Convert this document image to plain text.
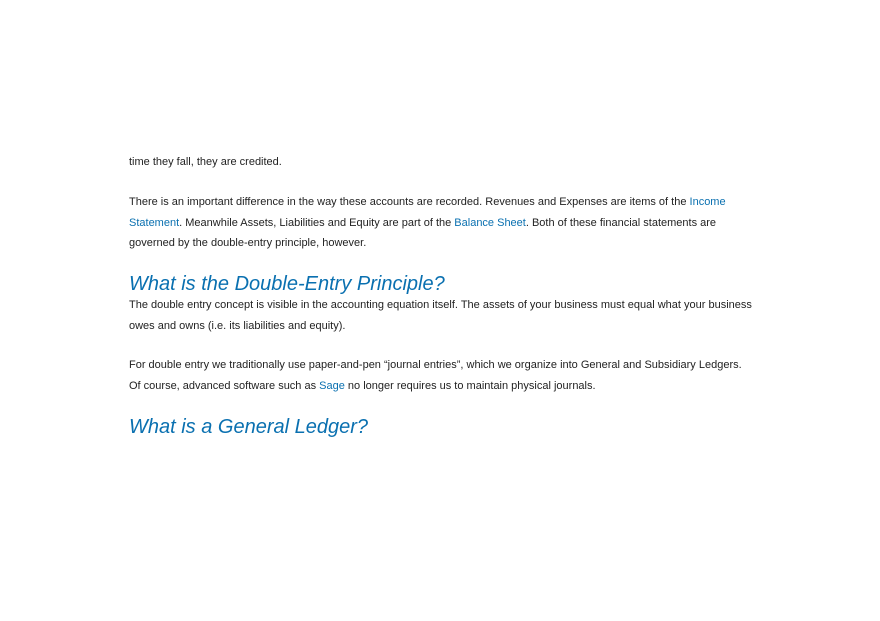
time they fall, they are credited.

There is an important difference in the way these accounts are recorded. Revenues and Expenses are items of the Income
Statement. Meanwhile Assets, Liabilities and Equity are part of the Balance Sheet. Both of these financial statements are
governed by the double-entry principle, however.

What is the Double-Entry Principle?

The double entry concept is visible in the accounting equation itself. The assets of your business must equal what your business
owes and owns (i.e. its liabilities and equity).

For double entry we traditionally use paper-and-pen “journal entries”, which we organize into General and Subsidiary Ledgers.
Of course, advanced software such as Sage no longer requires us to maintain physical journals.

What is a General Ledger?
